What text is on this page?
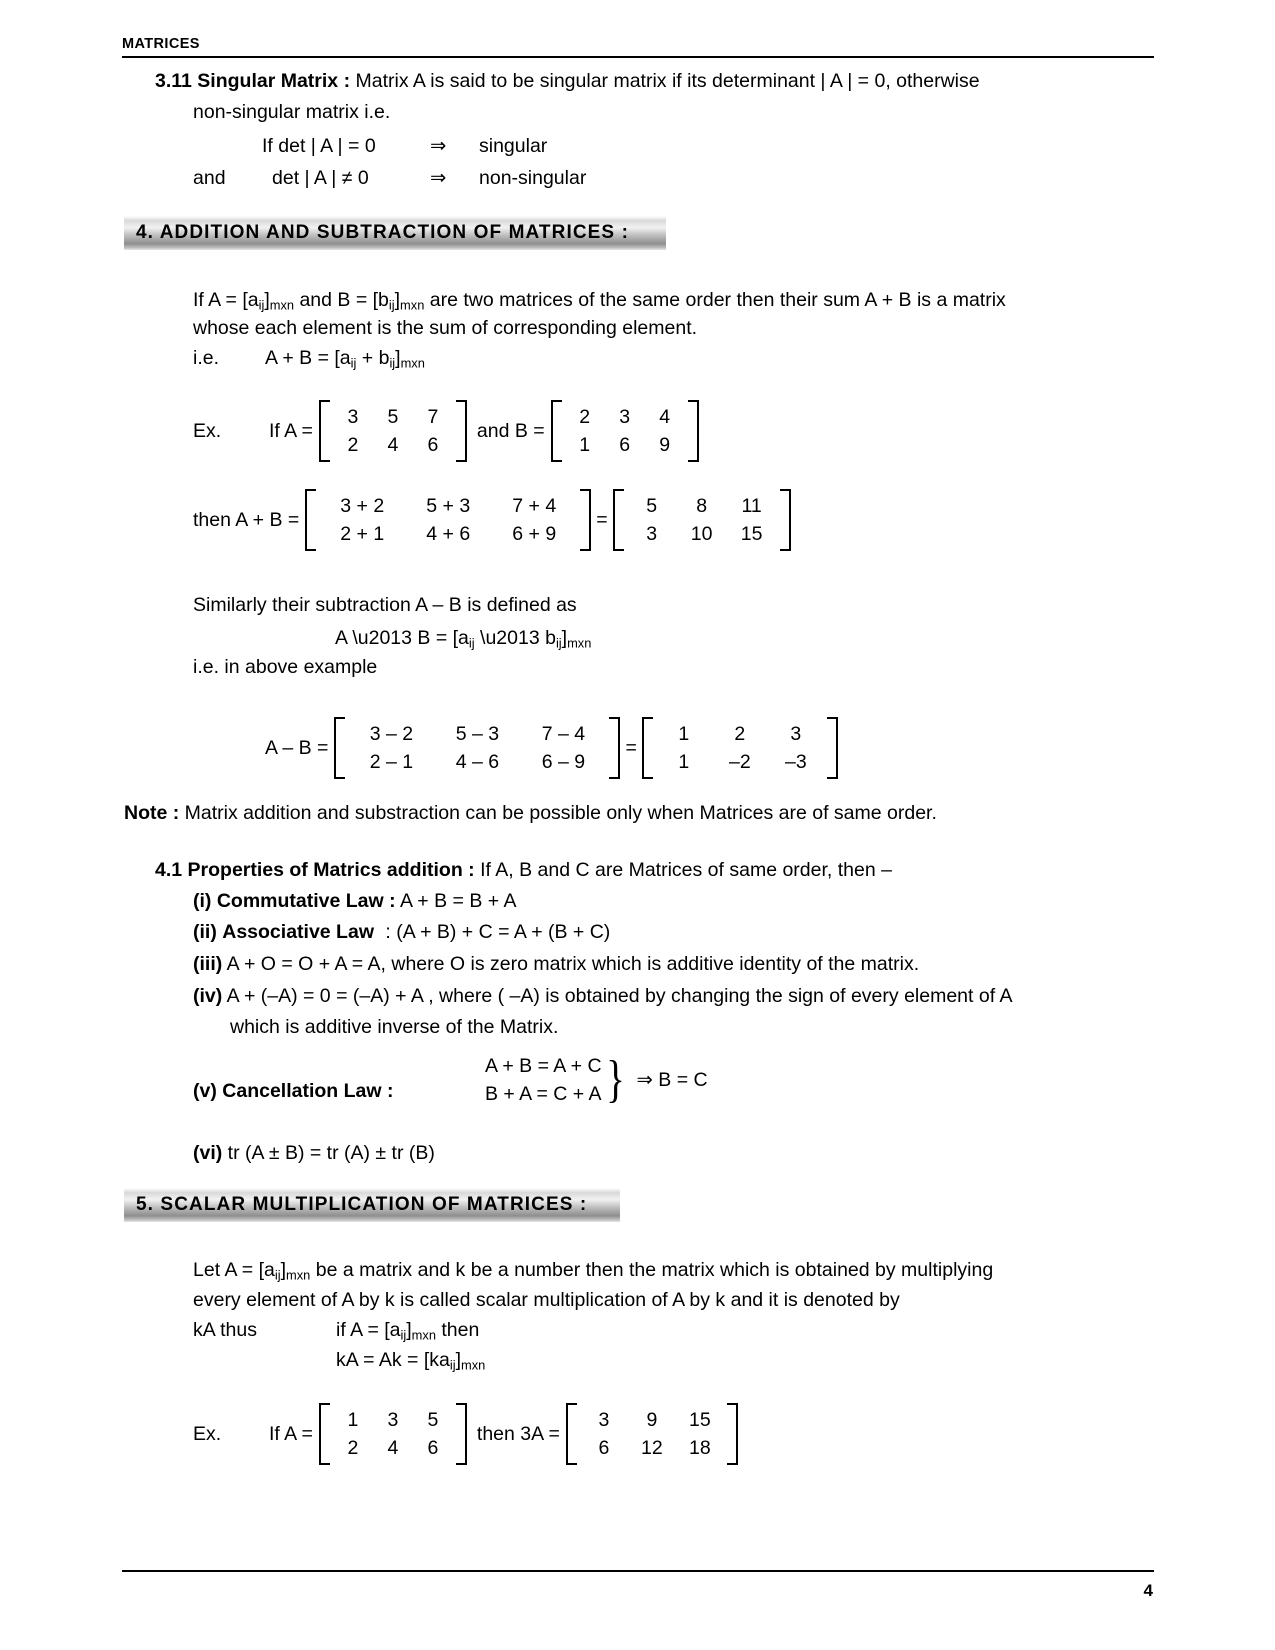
MATRICES
3.11 Singular Matrix : Matrix A is said to be singular matrix if its determinant | A | = 0, otherwise
non-singular matrix i.e.
If det | A | = 0	⇒ singular
and det | A | ≠ 0	⇒ non-singular
4. ADDITION AND SUBTRACTION OF MATRICES :
If $A = [a_{ij}]_{mxn}$ and $B = [b_{ij}]_{mxn}$ are two matrices of the same order then their sum A + B is a matrix
whose each element is the sum of corresponding element.
i.e. $A + B = [a_{ij} + b_{ij}]_{mxn}$
Ex.	If A =
3	5	7
2	4	6
and B =
2	3	4
1	6	9
then A + B =
3 + 2	5 + 3	7 + 4
2 + 1	4 + 6	6 + 9
=
5	8	11
3	10	15
Similarly their subtraction A – B is defined as
A \u2013 $B = [a_{ij}$ \u2013 $b_{ij}]_{mxn}$
i.e. in above example
A – B =
3 – 2	5 – 3	7 – 4
2 – 1	4 – 6	6 – 9
=
1	2	3
1	–2	–3
Note : Matrix addition and substraction can be possible only when Matrices are of same order.
4.1 Properties of Matrics addition : If A, B and C are Matrices of same order, then –
(i) Commutative Law : A + B = B + A
(ii) Associative Law : (A + B) + C = A + (B + C)
(iii) A + O = O + A = A, where O is zero matrix which is additive identity of the matrix.
(iv) A + (–A) = 0 = (–A) + A , where ( –A) is obtained by changing the sign of every element of A
which is additive inverse of the Matrix.
(v) Cancellation Law :
A + B = A + C
B + A = C + A } ⇒ B = C
(vi) tr (A ± B) = tr (A) ± tr (B)
5. SCALAR MULTIPLICATION OF MATRICES :
Let $A = [a_{ij}]_{mxn}$ be a matrix and k be a number then the matrix which is obtained by multiplying
every element of A by k is called scalar multiplication of A by k and it is denoted by
kA thus	if $A = [a_{ij}]_{mxn}$ then
kA = $Ak = [ka_{ij}]_{mxn}$
Ex.	If A =
1	3	5
2	4	6
then 3A =
3	9	15
6	12	18
4
